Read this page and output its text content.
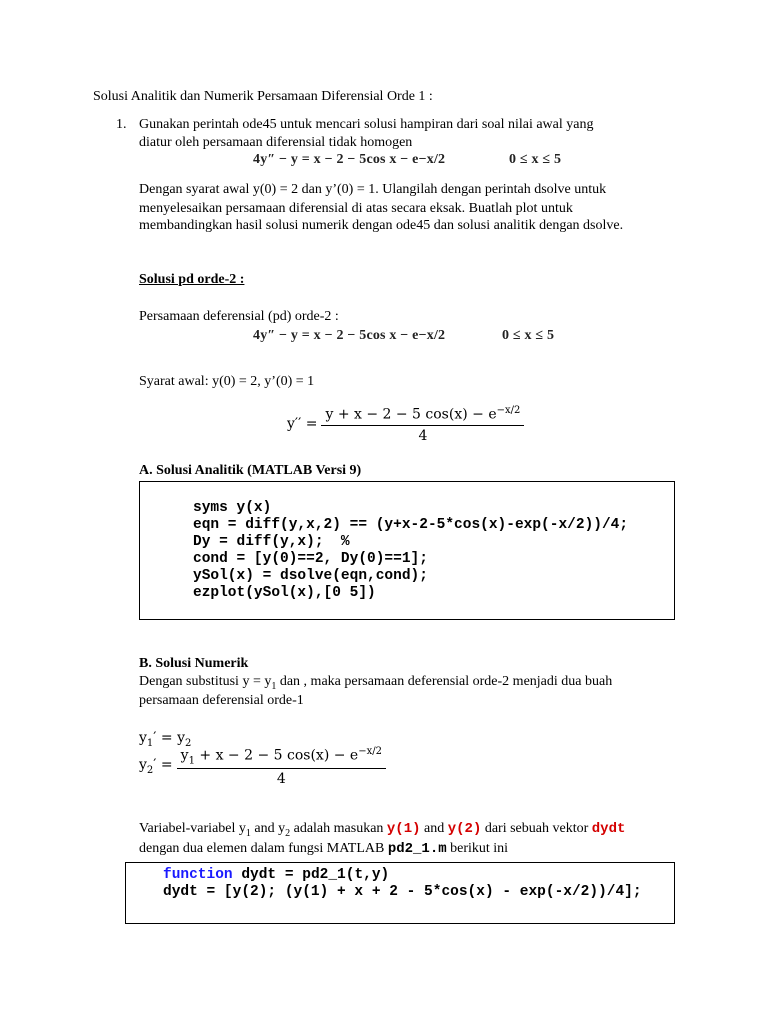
Solusi Analitik dan Numerik Persamaan Diferensial Orde 1 :
1. Gunakan perintah ode45 untuk mencari solusi hampiran dari soal nilai awal yang
diatur oleh persamaan diferensial tidak homogen
4y″ − y = x − 2 − 5cos x − e−x/2	0 ≤ x ≤ 5
Dengan syarat awal y(0) = 2 dan y’(0) = 1. Ulangilah dengan perintah dsolve untuk
menyelesaikan persamaan diferensial di atas secara eksak. Buatlah plot untuk
membandingkan hasil solusi numerik dengan ode45 dan solusi analitik dengan dsolve.
Solusi pd orde-2 :
Persamaan deferensial (pd) orde-2 :
4y″ − y = x − 2 − 5cos x − e−x/2	0 ≤ x ≤ 5
Syarat awal: y(0) = 2, y’(0) = 1
$y'' = \frac{y + x - 2 - 5 \cos(x) - e^{-x/2}}{4}$
A. Solusi Analitik (MATLAB Versi 9)
syms y(x)
eqn = diff(y,x,2) == (y+x-2-5*cos(x)-exp(-x/2))/4;
Dy = diff(y,x);  %
cond = [y(0)==2, Dy(0)==1];
ySol(x) = dsolve(eqn,cond);
ezplot(ySol(x),[0 5])
B. Solusi Numerik
Dengan substitusi $y = y_1$ dan , maka persamaan deferensial orde-2 menjadi dua buah
persamaan deferensial orde-1
$y_1' = y_2$
$y_2' = \frac{y_1 + x - 2 - 5 \cos(x) - e^{-x/2}}{4}$
Variabel-variabel $y_1$ and $y_2$ adalah masukan y(1) and y(2) dari sebuah vektor dydt
dengan dua elemen dalam fungsi MATLAB pd2_1.m berikut ini
function dydt = pd2_1(t,y)
dydt = [y(2); (y(1) + x + 2 - 5*cos(x) - exp(-x/2))/4];
